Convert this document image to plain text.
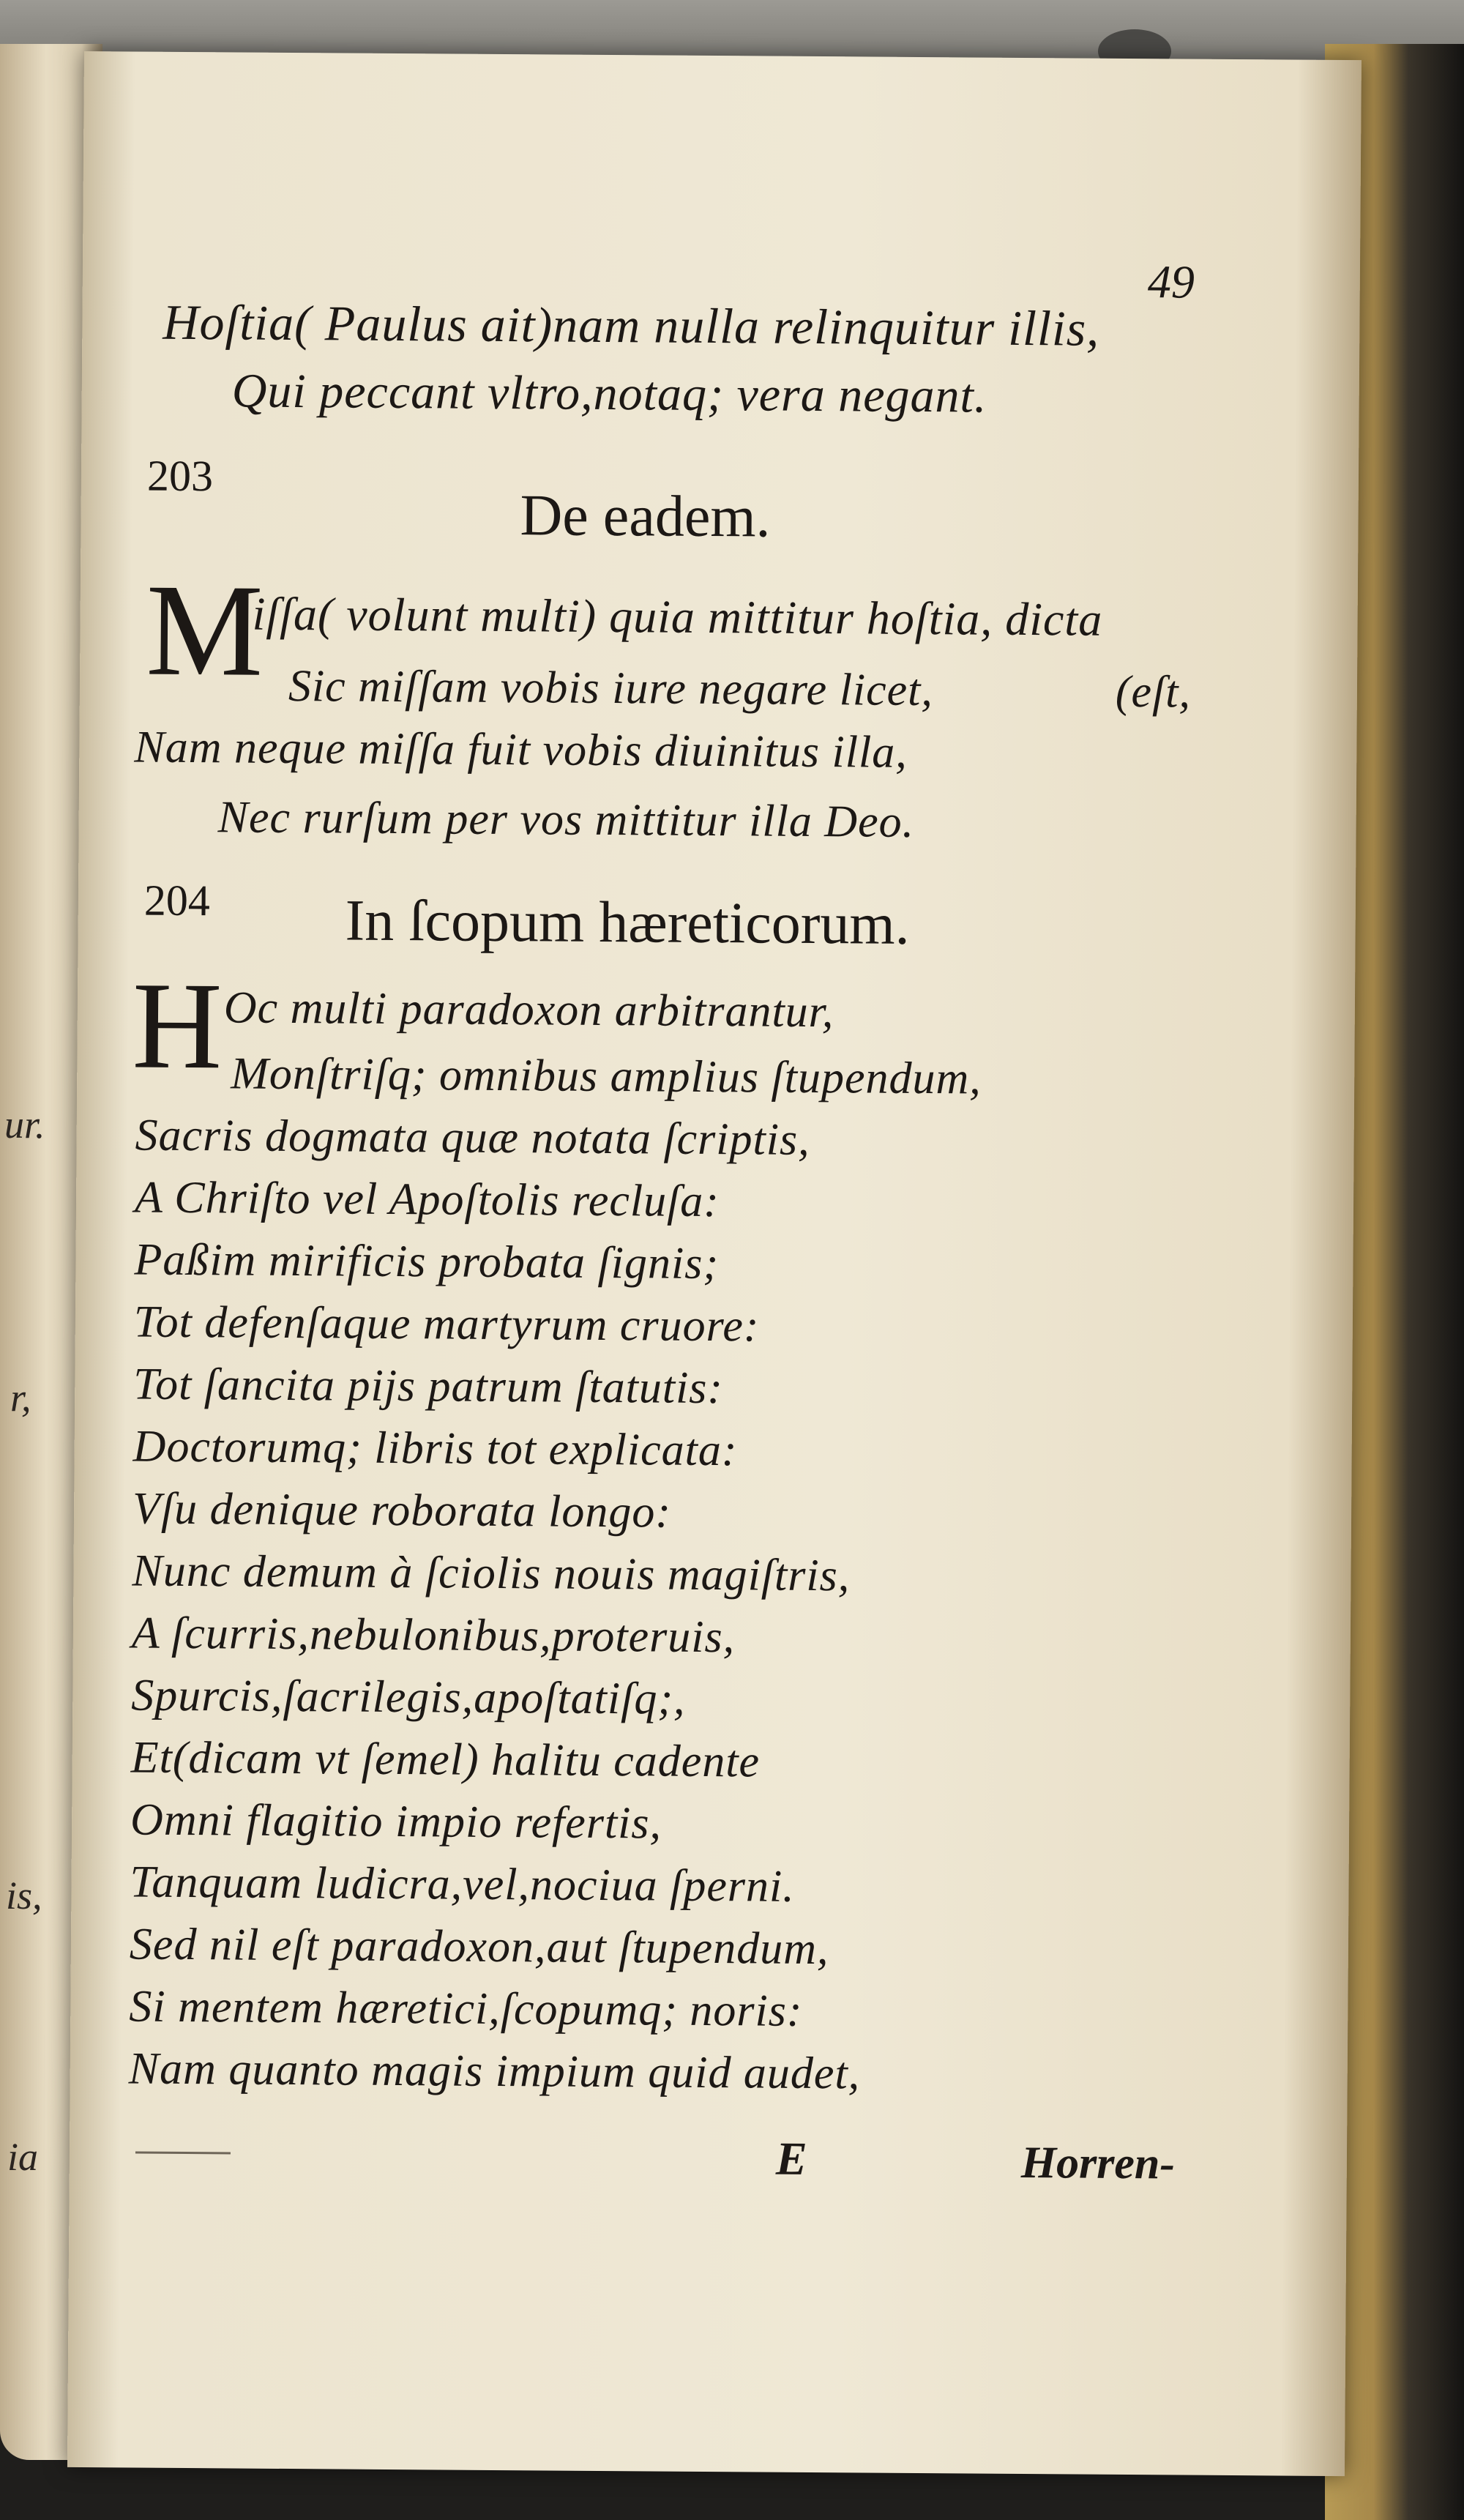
ur.
r,
is,
ia
49
Hoſtia( Paulus ait)nam nulla relinquitur illis,
Qui peccant vltro,notaq; vera negant.
203
De eadem.
M
iſſa( volunt multi) quia mittitur hoſtia, dicta
Sic miſſam vobis iure negare licet,	(eſt,
Nam neque miſſa fuit vobis diuinitus illa,
Nec rurſum per vos mittitur illa Deo.
204 In ſcopum hæreticorum.
H Oc multi paradoxon arbitrantur,
Monſtriſq; omnibus amplius ſtupendum,
Sacris dogmata quæ notata ſcriptis,
A Chriſto vel Apoſtolis recluſa:
Paßim mirificis probata ſignis;
Tot defenſaque martyrum cruore:
Tot ſancita pijs patrum ſtatutis:
Doctorumq; libris tot explicata:
Vſu denique roborata longo:
Nunc demum à ſciolis nouis magiſtris,
A ſcurris,nebulonibus,proteruis,
Spurcis,ſacrilegis,apoſtatiſq;,
Et(dicam vt ſemel) halitu cadente
Omni flagitio impio refertis,
Tanquam ludicra,vel,nociua ſperni.
Sed nil eſt paradoxon,aut ſtupendum,
Si mentem hæretici,ſcopumq; noris:
Nam quanto magis impium quid audet,
E	Horren-
